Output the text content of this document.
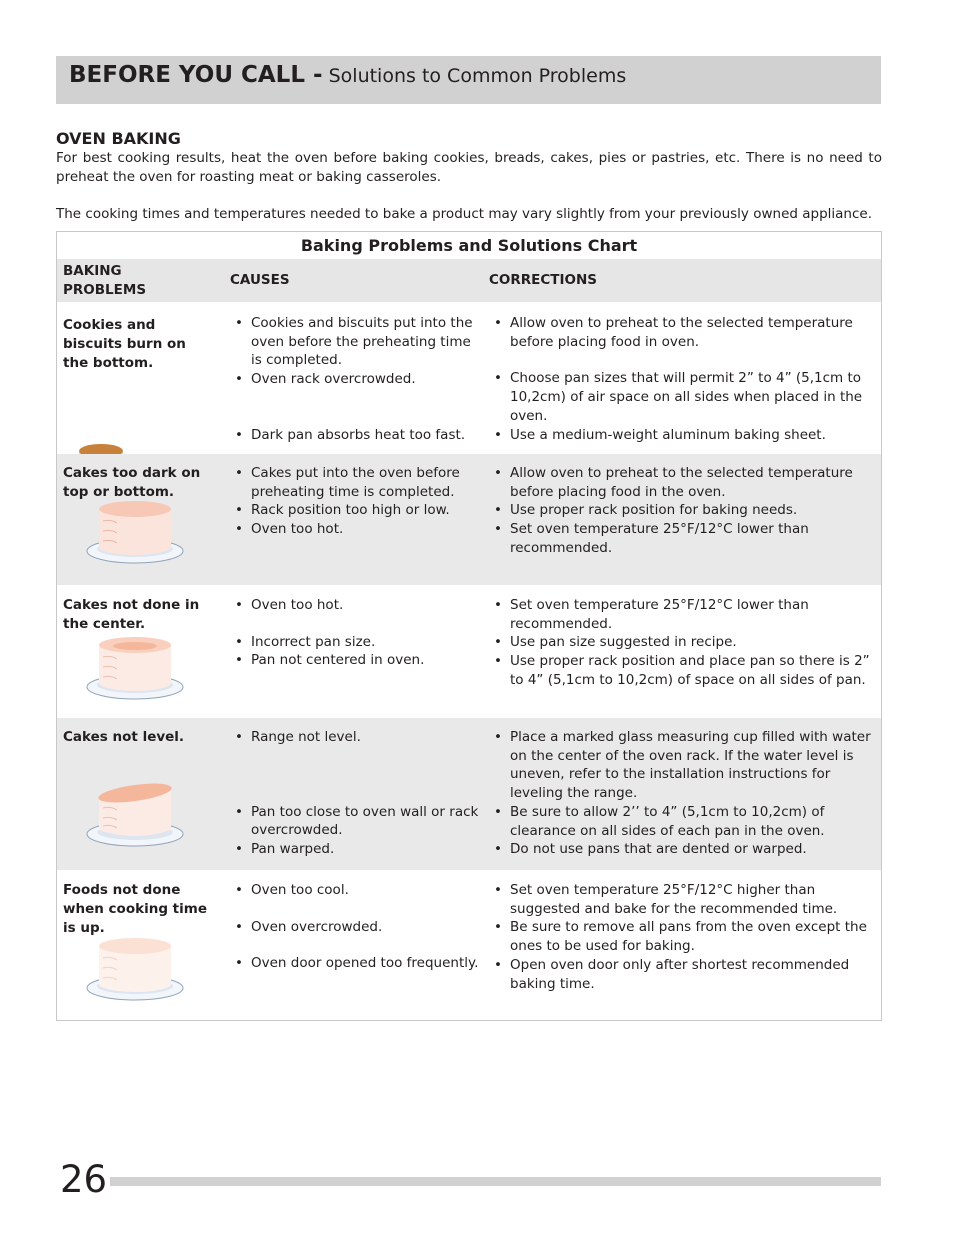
BEFORE YOU CALL - Solutions to Common Problems
OVEN BAKING
For best cooking results, heat the oven before baking cookies, breads, cakes, pies or pastries, etc. There is no need to preheat the oven for roasting meat or baking casseroles.
The cooking times and temperatures needed to bake a product may vary slightly from your previously owned appliance.
Baking Problems and Solutions Chart
BAKING
PROBLEMS
CAUSES	CORRECTIONS
Cookies and biscuits burn on the bottom.
• Cookies and biscuits put into the oven before the preheating time is completed.
• Oven rack overcrowded.
• Dark pan absorbs heat too fast.
• Allow oven to preheat to the selected temperature before placing food in oven.
• Choose pan sizes that will permit 2” to 4” (5,1cm to 10,2cm) of air space on all sides when placed in the oven.
• Use a medium-weight aluminum baking sheet.
Cakes too dark on top or bottom.
• Cakes put into the oven before preheating time is completed.
• Rack position too high or low.
• Oven too hot.
• Allow oven to preheat to the selected temperature before placing food in the oven.
• Use proper rack position for baking needs.
• Set oven temperature 25°F/12°C lower than recommended.
Cakes not done in the center.
• Oven too hot.
• Incorrect pan size.
• Pan not centered in oven.
• Set oven temperature 25°F/12°C lower than recommended.
• Use pan size suggested in recipe.
• Use proper rack position and place pan so there is 2” to 4” (5,1cm to 10,2cm) of space on all sides of pan.
Cakes not level.
•	Range not level.
• Pan too close to oven wall or rack overcrowded.
• Pan warped.
• Place a marked glass measuring cup filled with water on the center of the oven rack. If the water level is uneven, refer to the installation instructions for leveling the range.
• Be sure to allow 2’’ to 4” (5,1cm to 10,2cm) of clearance on all sides of each pan in the oven.
• Do not use pans that are dented or warped.
Foods not done when cooking time is up.
• Oven too cool.
• Oven overcrowded.
• Oven door opened too frequently.
• Set oven temperature 25°F/12°C higher than suggested and bake for the recommended time.
• Be sure to remove all pans from the oven except the ones to be used for baking.
• Open oven door only after shortest recommended baking time.
26
